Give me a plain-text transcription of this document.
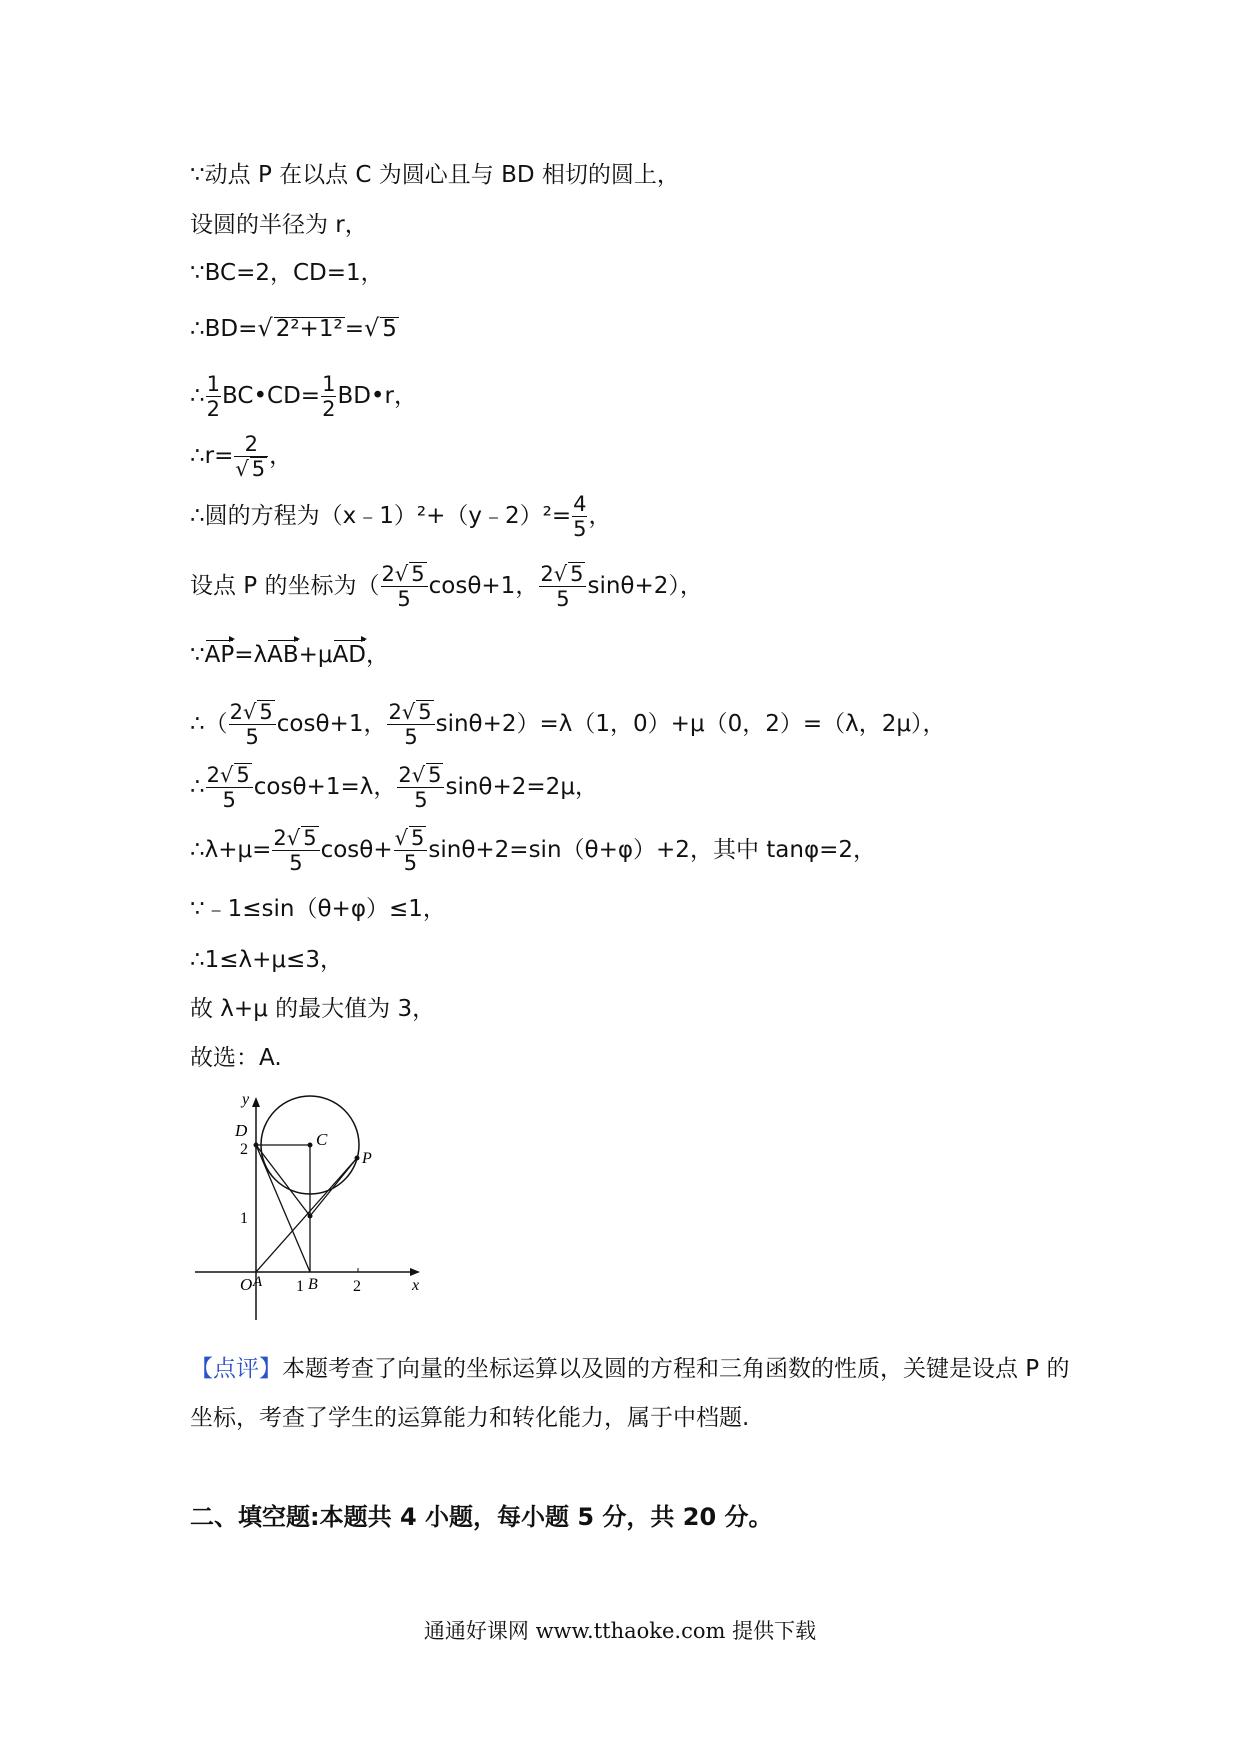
∵动点 P 在以点 C 为圆心且与 BD 相切的圆上，
设圆的半径为 r，
∵BC=2，CD=1，
∴BD=√ 2²+1²=√ 5
∴ $\frac{1}{2}$ BC•CD= $\frac{1}{2}$ BD•r，
∴r= $\frac{2}{√ 5}$ ，
∴圆的方程为（x﹣1）²+（y﹣2）²= $\frac{4}{5}$ ，
设点 P 的坐标为（ $\frac{2√ 5}{5} \cos\theta+1$， $\frac{2√ 5}{5} \sin\theta+2$），
∵AP=λAB+μAD，
∴（ $\frac{2√ 5}{5} \cos\theta+1$， $\frac{2√ 5}{5} \sin\theta+2)=\lambda(1$，0）+μ（0，2）=（λ，2μ），
∴ $\frac{2√ 5}{5} \cos\theta+1=\lambda$， $\frac{2√ 5}{5} \sin\theta+2=2\mu$，
∴λ+μ= $\frac{2√ 5}{5} \cos\theta+ \frac{√ 5}{5} \sin\theta+2=\sin(\theta+\varphi)+2$，其中 tanφ=2，
∵﹣1≤sin（θ+φ）≤1，
∴1≤λ+μ≤3，
故 λ+μ 的最大值为 3，
故选：A.
y
x
D
2
1
C
P
O A 1 B 2
【点评】本题考查了向量的坐标运算以及圆的方程和三角函数的性质，关键是设点 P 的坐标，考查了学生的运算能力和转化能力，属于中档题.
二、填空题:本题共 4 小题，每小题 5 分，共 20 分。
通通好课网 www.tthaoke.com 提供下载
